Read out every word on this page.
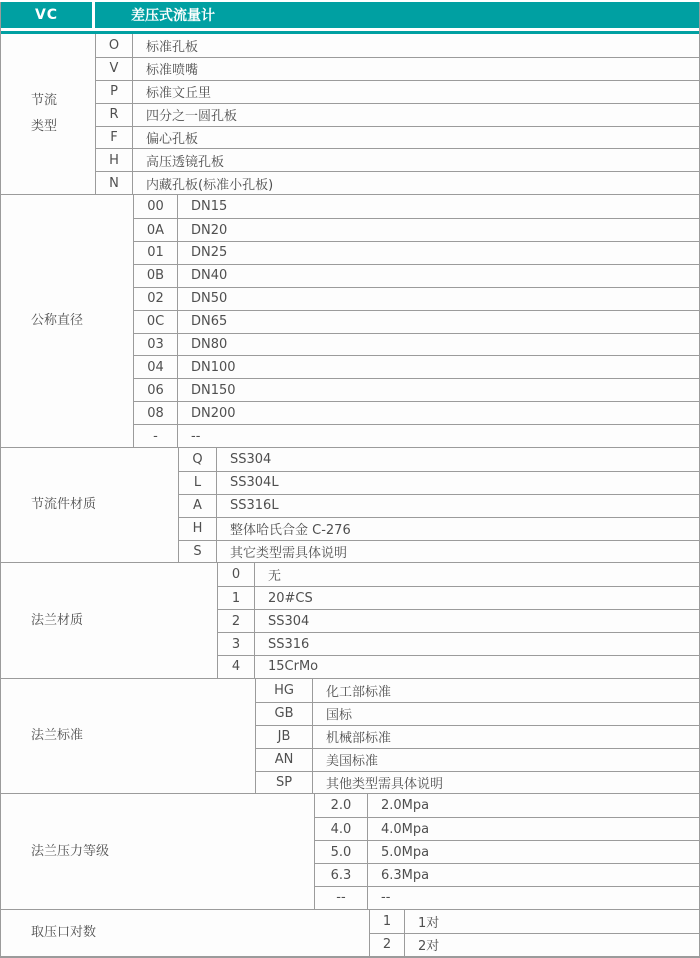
VC	差压式流量计
节流
类型
O	标准孔板
V	标准喷嘴
P	标准文丘里
R	四分之一圆孔板
F	偏心孔板
H	高压透镜孔板
N	内藏孔板(标准小孔板)
公称直径
00	DN15
0A	DN20
01	DN25
0B	DN40
02	DN50
0C	DN65
03	DN80
04	DN100
06	DN150
08	DN200
-	--
节流件材质
Q	SS304
L	SS304L
A	SS316L
H	整体哈氏合金 C-276
S	其它类型需具体说明
法兰材质
0	无
1	20#CS
2	SS304
3	SS316
4	15CrMo
法兰标准
HG	化工部标准
GB	国标
JB	机械部标准
AN	美国标准
SP	其他类型需具体说明
法兰压力等级
2.0	2.0Mpa
4.0	4.0Mpa
5.0	5.0Mpa
6.3	6.3Mpa
--	--
取压口对数
1	1对
2	2对
